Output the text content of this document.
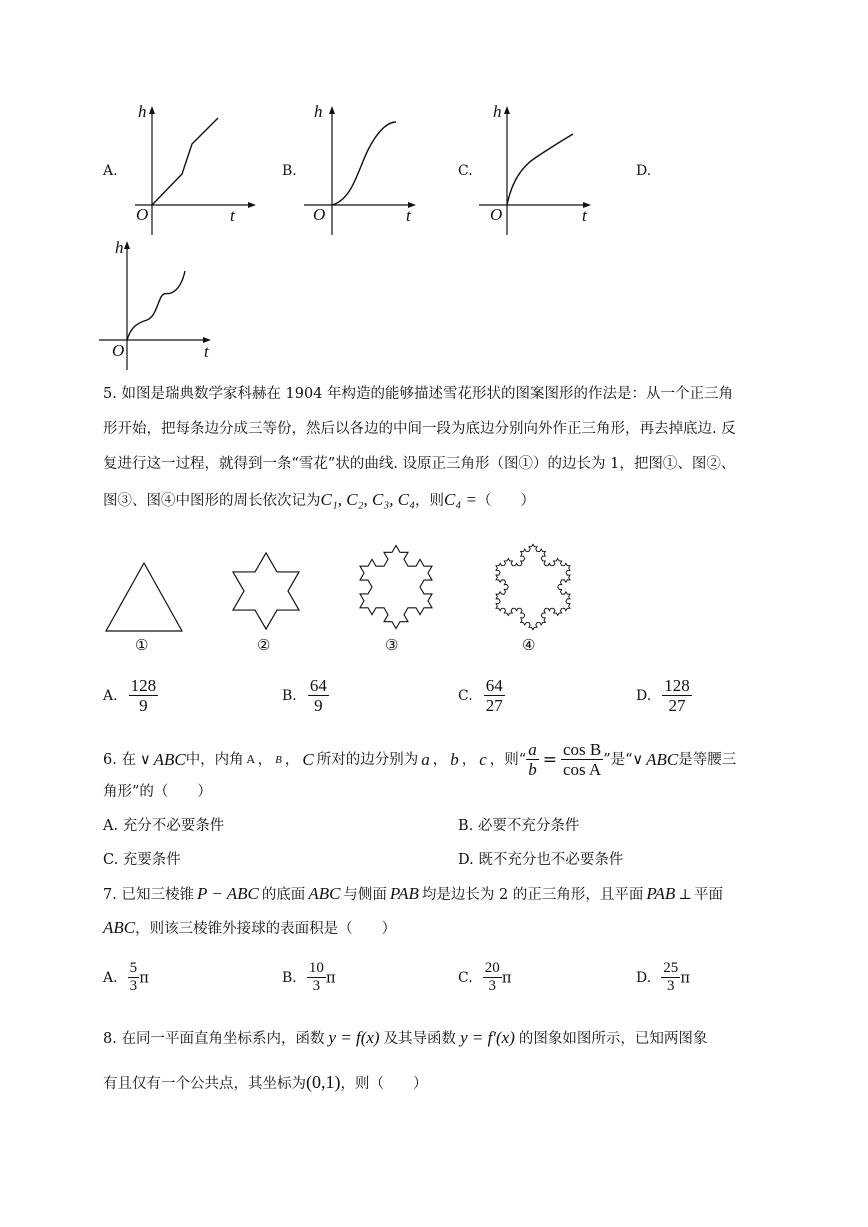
A.
h
O	t
B.
h
O	t
C.
h
O	t
D.
h
O	t
5. 如图是瑞典数学家科赫在 1904 年构造的能够描述雪花形状的图案图形的作法是：从一个正三角
形开始，把每条边分成三等份，然后以各边的中间一段为底边分别向外作正三角形，再去掉底边. 反
复进行这一过程，就得到一条“雪花”状的曲线. 设原正三角形（图①）的边长为 1，把图①、图②、
图③、图④中图形的周长依次记为C₁, C₂, C₃, C₄，则C₄ =（　　）
①	②	③	④
A. $\frac{128}{9}$	B. $\frac{64}{9}$	C. $\frac{64}{27}$	D. $\frac{128}{27}$
6. 在 ∨ ABC 中，内角 A ， B ， C 所对的边分别为 a ， b ， c ，则“ $\frac{a}{b} = \frac{\text{cos B}}{\text{cos A}}$ ”是“ ∨ ABC 是等腰三
角形”的（　　）
A. 充分不必要条件	B. 必要不充分条件
C. 充要条件	D. 既不充分也不必要条件
7. 已知三棱锥 P − ABC 的底面 ABC 与侧面 PAB 均是边长为 2 的正三角形，且平面 PAB ⊥ 平面
ABC，则该三棱锥外接球的表面积是（　　）
A. $\frac{5}{3}$ π	B. $\frac{10}{3}$ π	C. $\frac{20}{3}$ π	D. $\frac{25}{3}$ π
8. 在同一平面直角坐标系内，函数 y = f(x) 及其导函数 y = f′(x) 的图象如图所示，已知两图象
有且仅有一个公共点，其坐标为(0,1)，则（　　）
